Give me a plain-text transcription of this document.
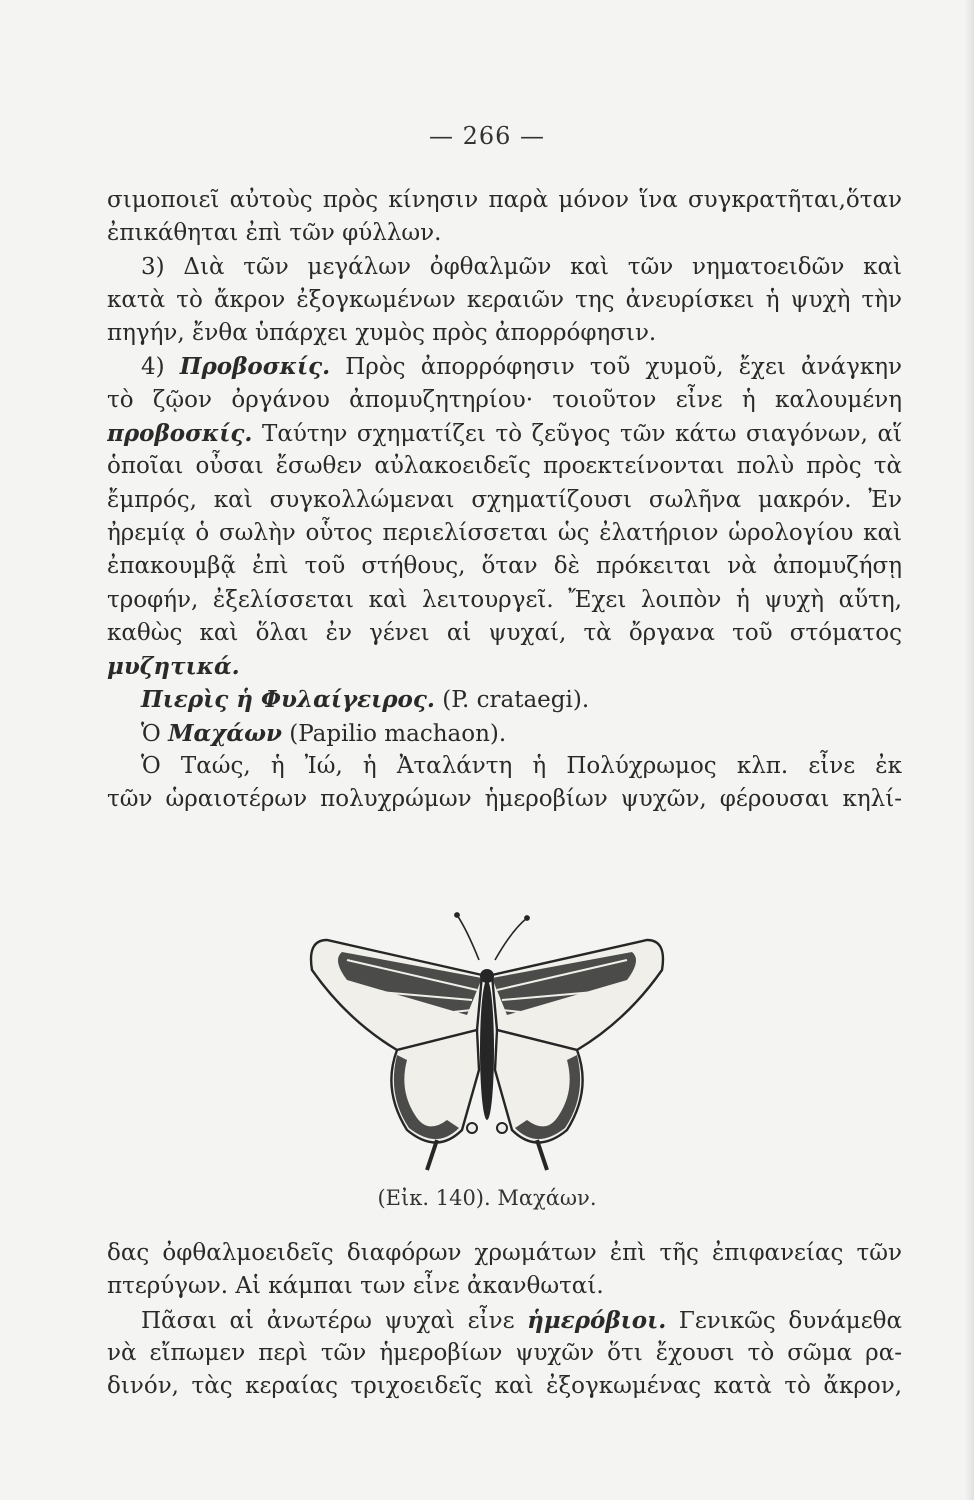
— 266 —
σιμοποιεῖ αὐτοὺς πρὸς κίνησιν παρὰ μόνον ἵνα συγκρατῆται,ὅταν
ἐπικάθηται ἐπὶ τῶν φύλλων.
3) Διὰ τῶν μεγάλων ὀφθαλμῶν καὶ τῶν νηματοειδῶν καὶ
κατὰ τὸ ἄκρον ἐξογκωμένων κεραιῶν της ἀνευρίσκει ἡ ψυχὴ τὴν
πηγήν, ἔνθα ὑπάρχει χυμὸς πρὸς ἀπορρόφησιν.
4) Προβοσκίς. Πρὸς ἀπορρόφησιν τοῦ χυμοῦ, ἔχει ἀνάγκην
τὸ ζῷον ὀργάνου ἀπομυζητηρίου· τοιοῦτον εἶνε ἡ καλουμένη
προβοσκίς. Ταύτην σχηματίζει τὸ ζεῦγος τῶν κάτω σιαγόνων, αἵ
ὁποῖαι οὖσαι ἔσωθεν αὐλακοειδεῖς προεκτείνονται πολὺ πρὸς τὰ
ἔμπρός, καὶ συγκολλώμεναι σχηματίζουσι σωλῆνα μακρόν. Ἐν
ἠρεμίᾳ ὁ σωλὴν οὗτος περιελίσσεται ὡς ἐλατήριον ὡρολογίου καὶ
ἐπακουμβᾷ ἐπὶ τοῦ στήθους, ὅταν δὲ πρόκειται νὰ ἀπομυζήσῃ
τροφήν, ἐξελίσσεται καὶ λειτουργεῖ. Ἔχει λοιπὸν ἡ ψυχὴ αὕτη,
καθὼς καὶ ὅλαι ἐν γένει αἱ ψυχαί, τὰ ὄργανα τοῦ στόματος
μυζητικά.
Πιερὶς ἡ Φυλαίγειρος. (P. crataegi).
Ὁ Μαχάων (Papilio machaon).
Ὁ Ταώς, ἡ Ἰώ, ἡ Ἀταλάντη ἡ Πολύχρωμος κλπ. εἶνε ἐκ
τῶν ὡραιοτέρων πολυχρώμων ἡμεροβίων ψυχῶν, φέρουσαι κηλί-
(Εἰκ. 140). Μαχάων.
δας ὀφθαλμοειδεῖς διαφόρων χρωμάτων ἐπὶ τῆς ἐπιφανείας τῶν
πτερύγων. Αἱ κάμπαι των εἶνε ἀκανθωταί.
Πᾶσαι αἱ ἀνωτέρω ψυχαὶ εἶνε ἡμερόβιοι. Γενικῶς δυνάμεθα
νὰ εἴπωμεν περὶ τῶν ἡμεροβίων ψυχῶν ὅτι ἔχουσι τὸ σῶμα ρα-
δινόν, τὰς κεραίας τριχοειδεῖς καὶ ἐξογκωμένας κατὰ τὸ ἄκρον,
